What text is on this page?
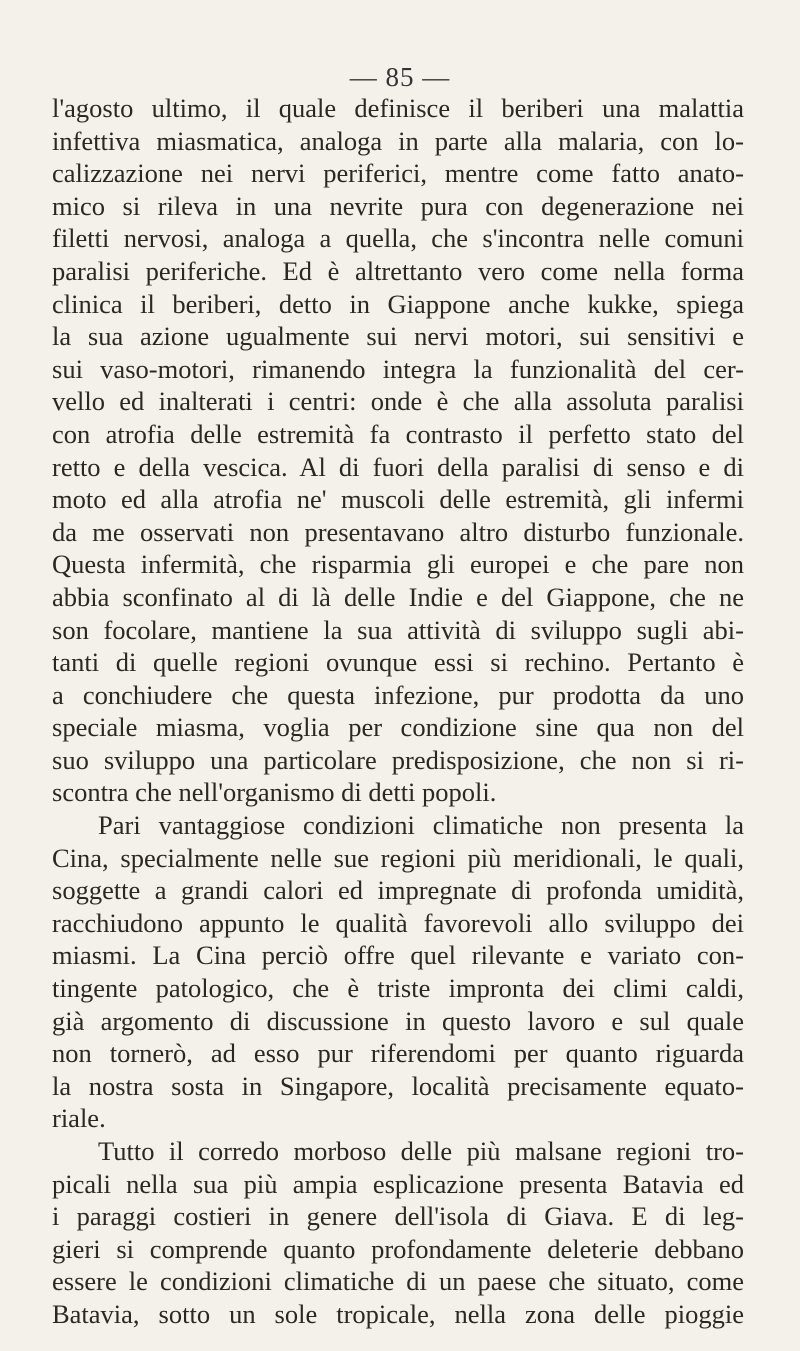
— 85 —
l'agosto ultimo, il quale definisce il beriberi una malattia
infettiva miasmatica, analoga in parte alla malaria, con lo-
calizzazione nei nervi periferici, mentre come fatto anato-
mico si rileva in una nevrite pura con degenerazione nei
filetti nervosi, analoga a quella, che s'incontra nelle comuni
paralisi periferiche. Ed è altrettanto vero come nella forma
clinica il beriberi, detto in Giappone anche kukke, spiega
la sua azione ugualmente sui nervi motori, sui sensitivi e
sui vaso-motori, rimanendo integra la funzionalità del cer-
vello ed inalterati i centri: onde è che alla assoluta paralisi
con atrofia delle estremità fa contrasto il perfetto stato del
retto e della vescica. Al di fuori della paralisi di senso e di
moto ed alla atrofia ne' muscoli delle estremità, gli infermi
da me osservati non presentavano altro disturbo funzionale.
Questa infermità, che risparmia gli europei e che pare non
abbia sconfinato al di là delle Indie e del Giappone, che ne
son focolare, mantiene la sua attività di sviluppo sugli abi-
tanti di quelle regioni ovunque essi si rechino. Pertanto è
a conchiudere che questa infezione, pur prodotta da uno
speciale miasma, voglia per condizione sine qua non del
suo sviluppo una particolare predisposizione, che non si ri-
scontra che nell'organismo di detti popoli.
Pari vantaggiose condizioni climatiche non presenta la
Cina, specialmente nelle sue regioni più meridionali, le quali,
soggette a grandi calori ed impregnate di profonda umidità,
racchiudono appunto le qualità favorevoli allo sviluppo dei
miasmi. La Cina perciò offre quel rilevante e variato con-
tingente patologico, che è triste impronta dei climi caldi,
già argomento di discussione in questo lavoro e sul quale
non tornerò, ad esso pur riferendomi per quanto riguarda
la nostra sosta in Singapore, località precisamente equato-
riale.
Tutto il corredo morboso delle più malsane regioni tro-
picali nella sua più ampia esplicazione presenta Batavia ed
i paraggi costieri in genere dell'isola di Giava. E di leg-
gieri si comprende quanto profondamente deleterie debbano
essere le condizioni climatiche di un paese che situato, come
Batavia, sotto un sole tropicale, nella zona delle pioggie
